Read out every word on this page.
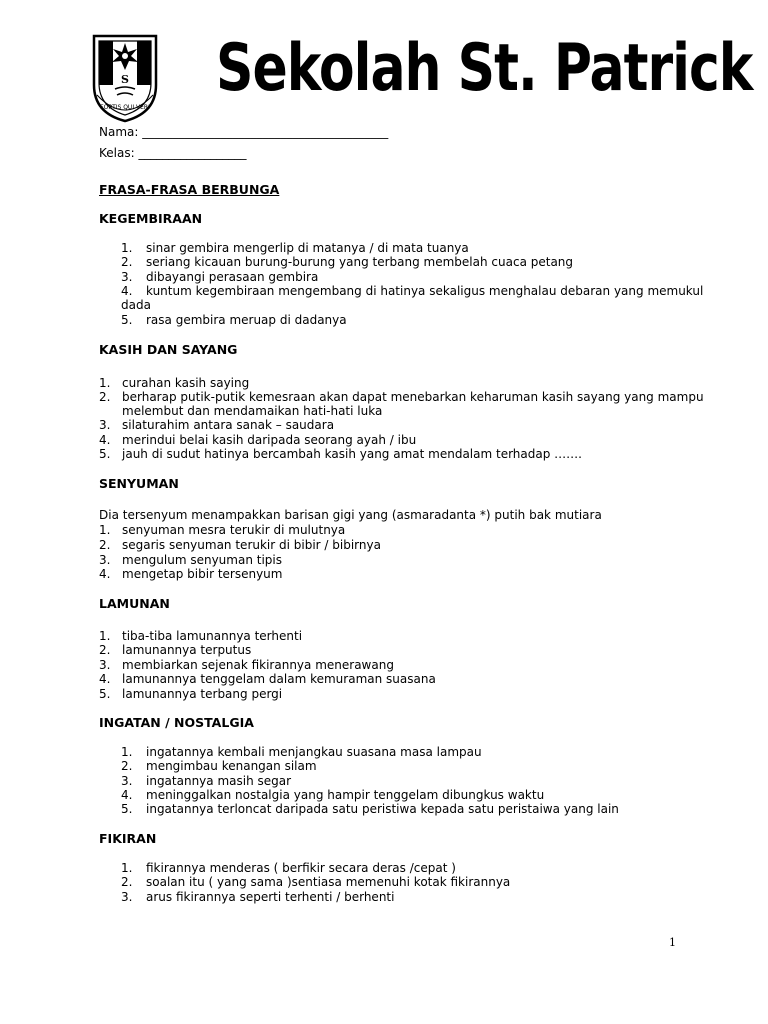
S
FORTIS QUI VERI
Sekolah St. Patrick
Nama: _________________________________________
Kelas: __________________
FRASA-FRASA BERBUNGA
KEGEMBIRAAN
1. sinar gembira mengerlip di matanya / di mata tuanya
2. seriang kicauan burung-burung yang terbang membelah cuaca petang
3. dibayangi perasaan gembira
4. kuntum kegembiraan mengembang di hatinya sekaligus menghalau debaran yang memukul
dada
5. rasa gembira meruap di dadanya
KASIH DAN SAYANG
1. curahan kasih saying
2. berharap putik-putik kemesraan akan dapat menebarkan keharuman kasih sayang yang mampu
melembut dan mendamaikan hati-hati luka
3. silaturahim antara sanak – saudara
4. merindui belai kasih daripada seorang ayah / ibu
5. jauh di sudut hatinya bercambah kasih yang amat mendalam terhadap …….
SENYUMAN
Dia tersenyum menampakkan barisan gigi yang (asmaradanta *) putih bak mutiara
1. senyuman mesra terukir di mulutnya
2. segaris senyuman terukir di bibir / bibirnya
3. mengulum senyuman tipis
4. mengetap bibir tersenyum
LAMUNAN
1. tiba-tiba lamunannya terhenti
2. lamunannya terputus
3. membiarkan sejenak fikirannya menerawang
4. lamunannya tenggelam dalam kemuraman suasana
5. lamunannya terbang pergi
INGATAN / NOSTALGIA
1. ingatannya kembali menjangkau suasana masa lampau
2. mengimbau kenangan silam
3. ingatannya masih segar
4. meninggalkan nostalgia yang hampir tenggelam dibungkus waktu
5. ingatannya terloncat daripada satu peristiwa kepada satu peristaiwa yang lain
FIKIRAN
1. fikirannya menderas ( berfikir secara deras /cepat )
2. soalan itu ( yang sama )sentiasa memenuhi kotak fikirannya
3. arus fikirannya seperti terhenti / berhenti
1
